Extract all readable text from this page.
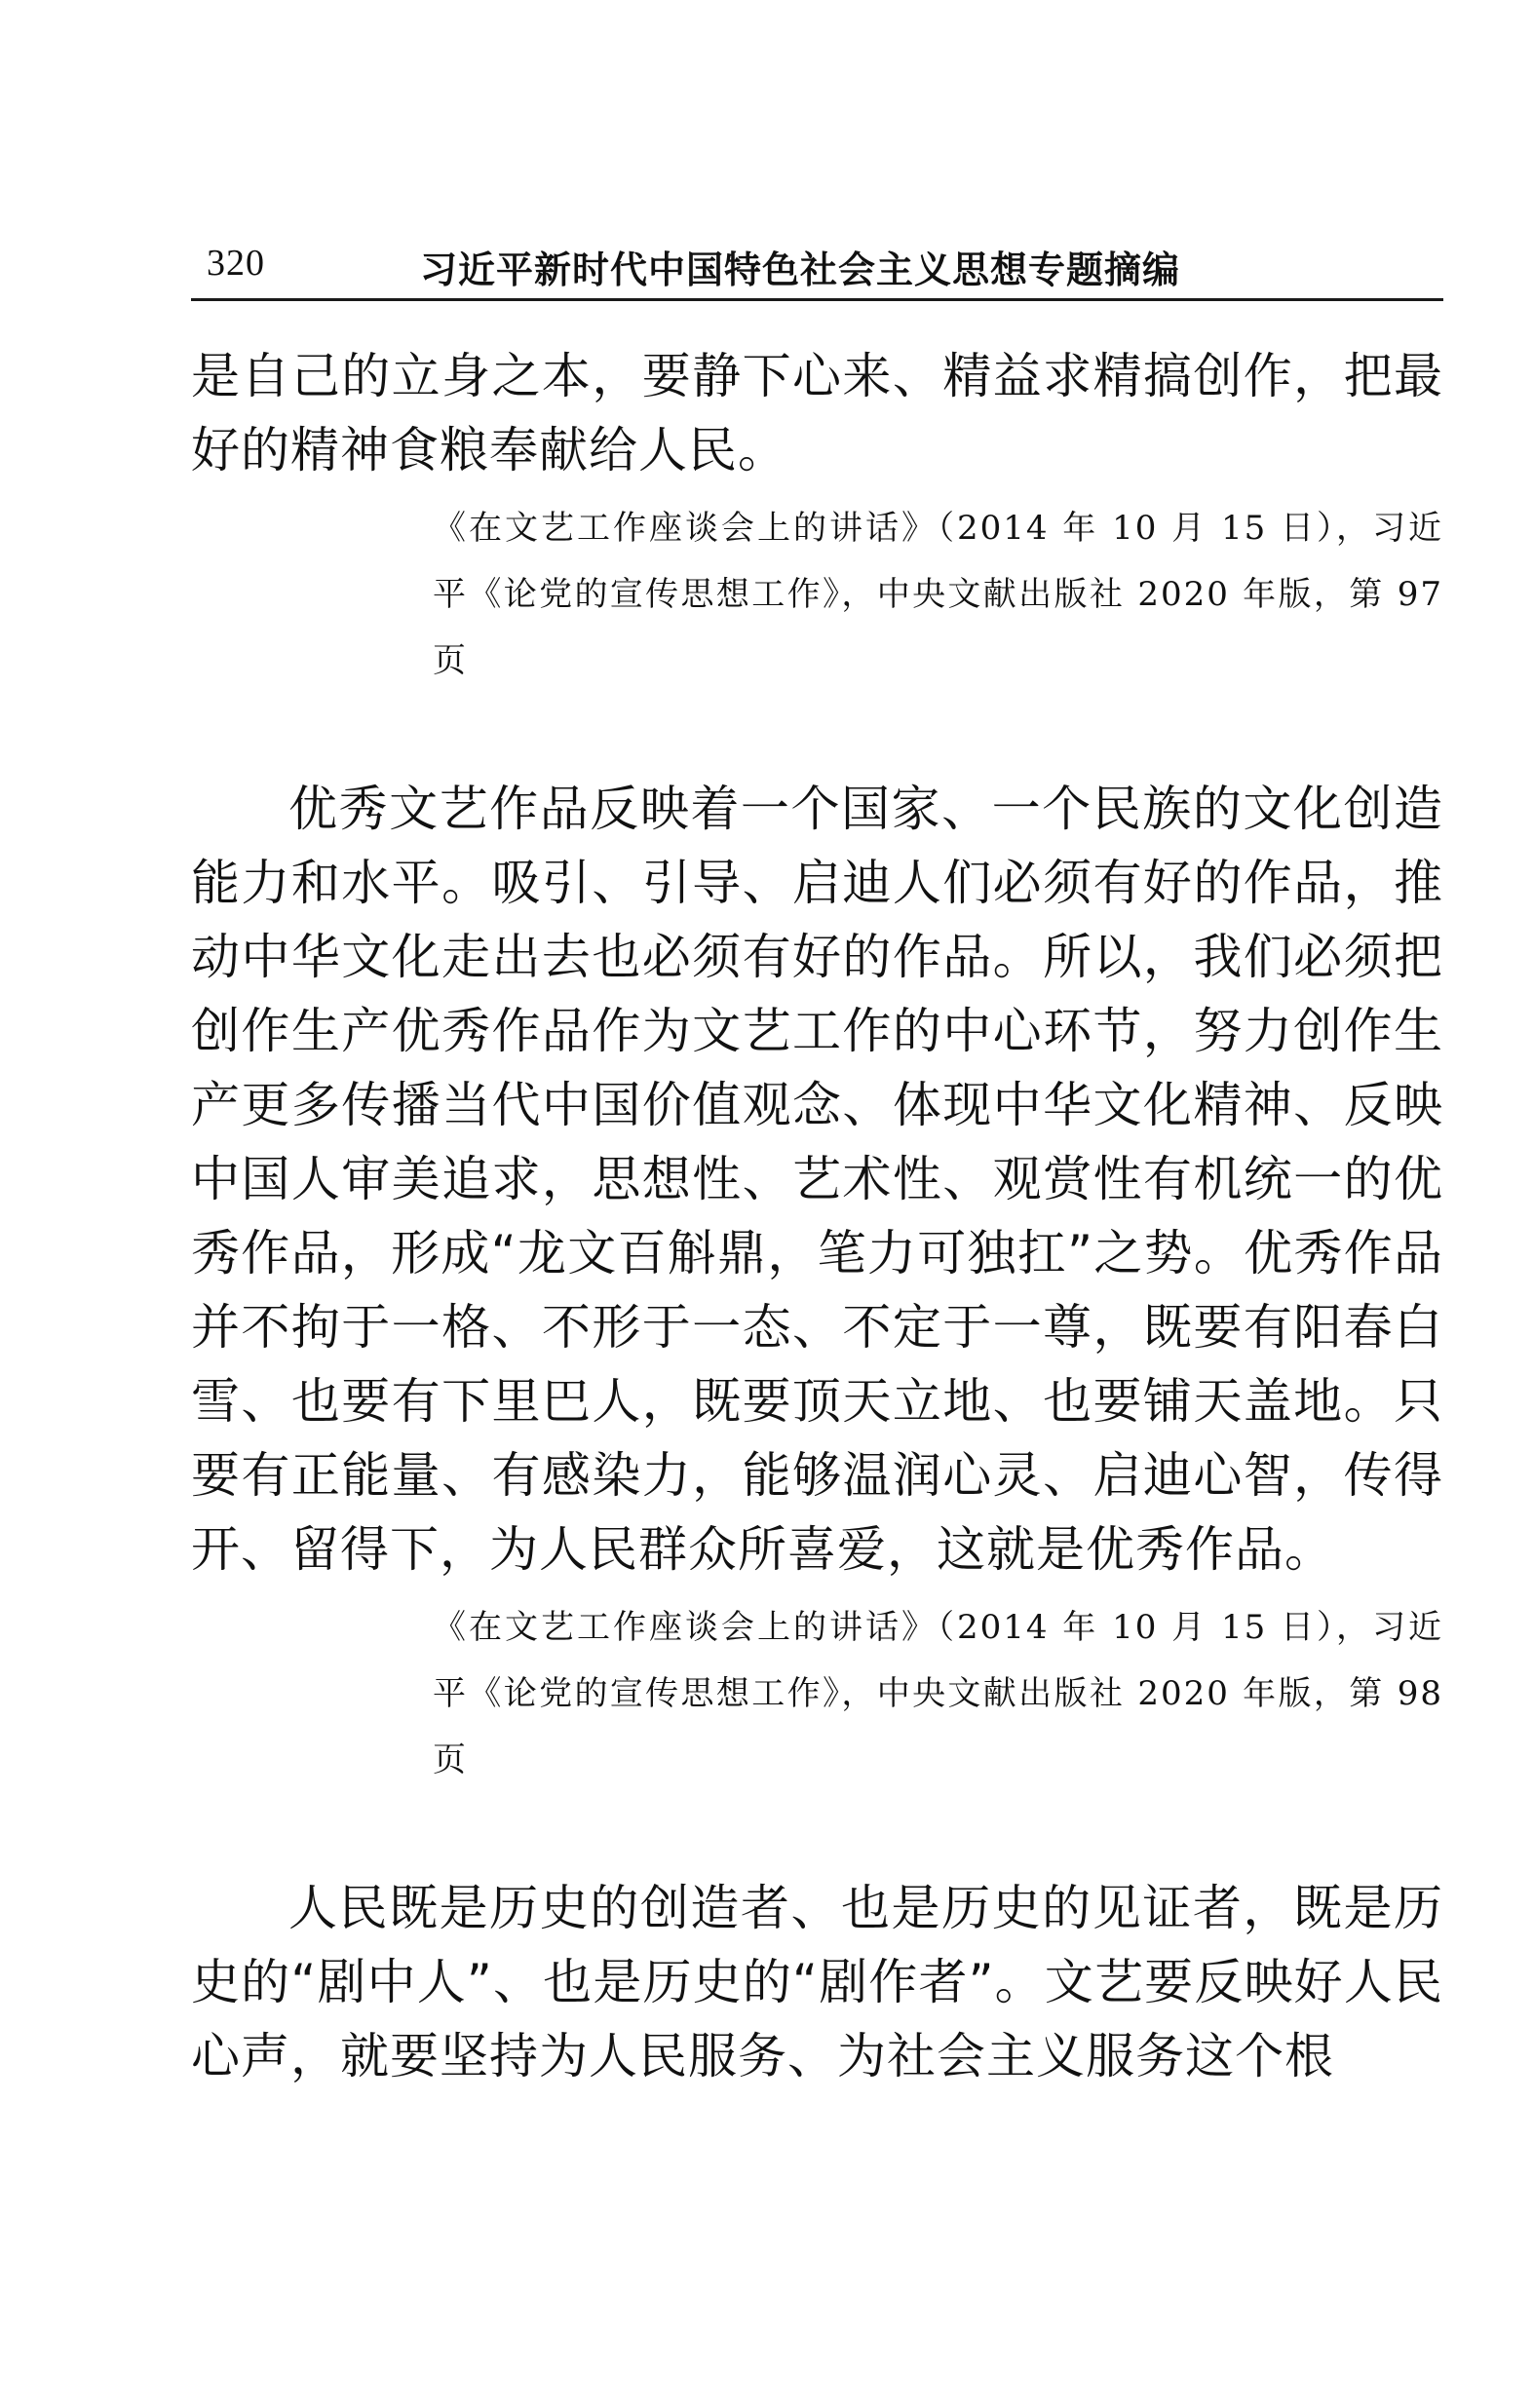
320	习近平新时代中国特色社会主义思想专题摘编

是自己的立身之本，要静下心来、精益求精搞创作，把最好的精神食粮奉献给人民。

《在文艺工作座谈会上的讲话》（2014 年 10 月 15 日），习近平《论党的宣传思想工作》，中央文献出版社 2020 年版，第 97 页

优秀文艺作品反映着一个国家、一个民族的文化创造能力和水平。吸引、引导、启迪人们必须有好的作品，推动中华文化走出去也必须有好的作品。所以，我们必须把创作生产优秀作品作为文艺工作的中心环节，努力创作生产更多传播当代中国价值观念、体现中华文化精神、反映中国人审美追求，思想性、艺术性、观赏性有机统一的优秀作品，形成“龙文百斛鼎，笔力可独扛”之势。优秀作品并不拘于一格、不形于一态、不定于一尊，既要有阳春白雪、也要有下里巴人，既要顶天立地、也要铺天盖地。只要有正能量、有感染力，能够温润心灵、启迪心智，传得开、留得下，为人民群众所喜爱，这就是优秀作品。

《在文艺工作座谈会上的讲话》（2014 年 10 月 15 日），习近平《论党的宣传思想工作》，中央文献出版社 2020 年版，第 98 页

人民既是历史的创造者、也是历史的见证者，既是历史的“剧中人”、也是历史的“剧作者”。文艺要反映好人民心声，就要坚持为人民服务、为社会主义服务这个根
